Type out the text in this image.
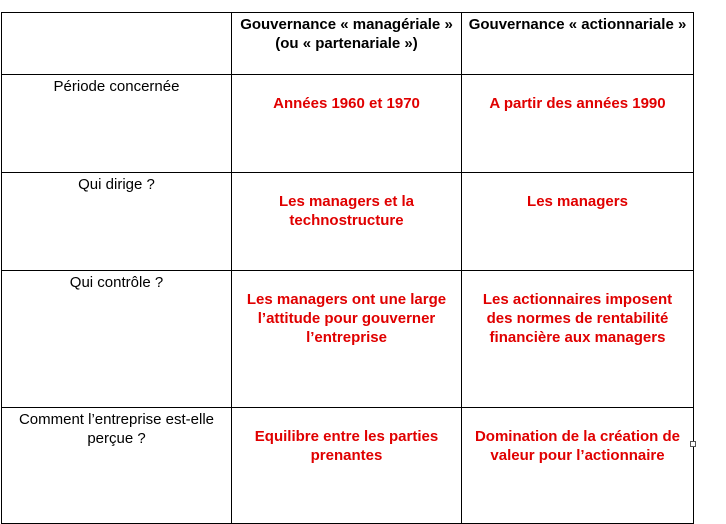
	Gouvernance « managériale » (ou « partenariale »)	Gouvernance « actionnariale »

Période concernée	Années 1960 et 1970	A partir des années 1990

Qui dirige ?	Les managers et la technostructure	Les managers

Qui contrôle ?	Les managers ont une large l’attitude pour gouverner l’entreprise	Les actionnaires imposent des normes de rentabilité financière aux managers

Comment l’entreprise est-elle perçue ?	Equilibre entre les parties prenantes	Domination de la création de valeur pour l’actionnaire
